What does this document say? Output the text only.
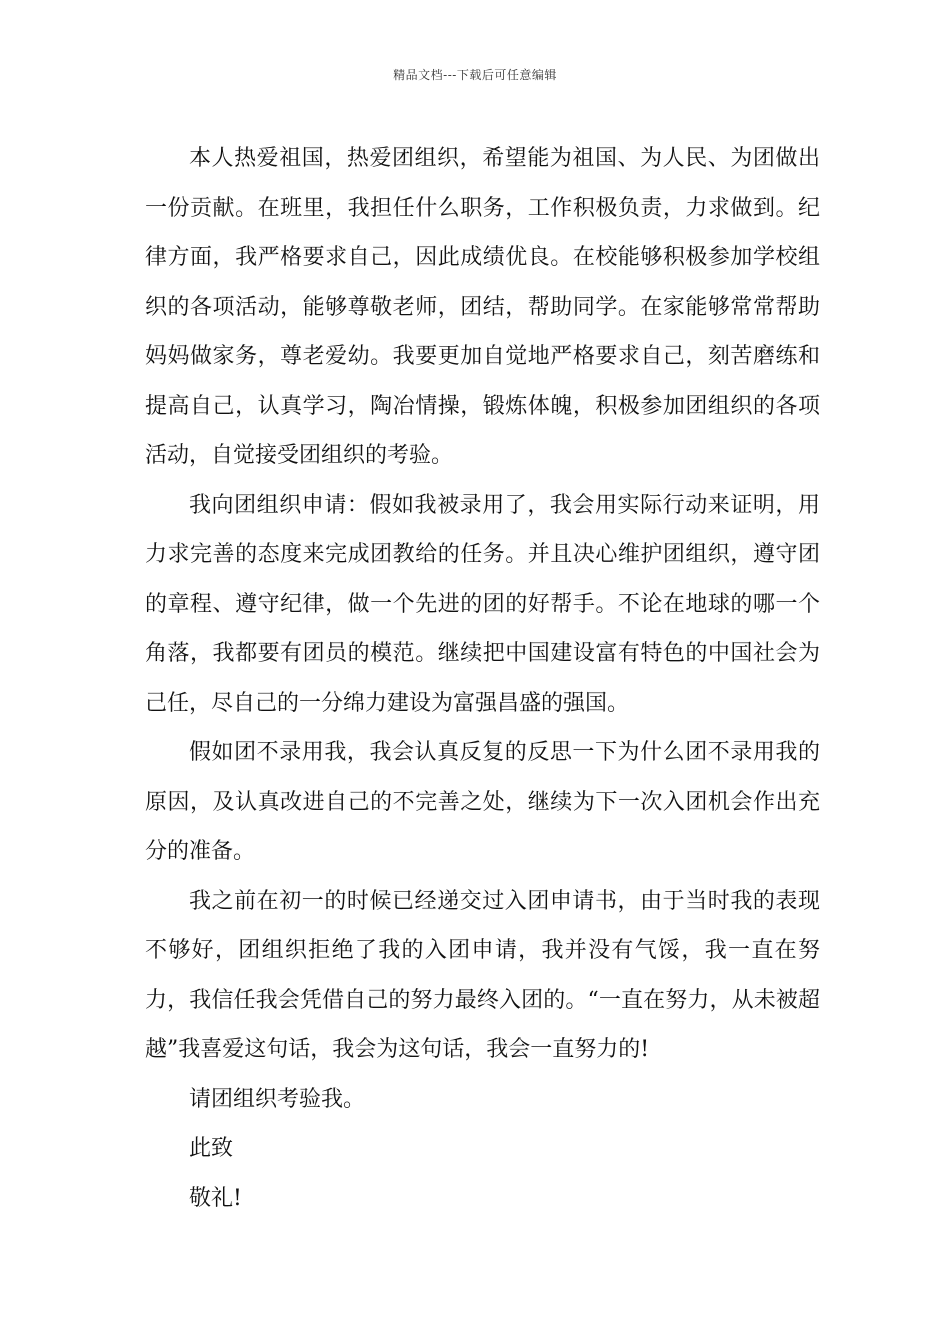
精品文档---下载后可任意编辑

本人热爱祖国，热爱团组织，希望能为祖国、为人民、为团做出一份贡献。在班里，我担任什么职务，工作积极负责，力求做到。纪律方面，我严格要求自己，因此成绩优良。在校能够积极参加学校组织的各项活动，能够尊敬老师，团结，帮助同学。在家能够常常帮助妈妈做家务，尊老爱幼。我要更加自觉地严格要求自己，刻苦磨练和提高自己，认真学习，陶冶情操，锻炼体魄，积极参加团组织的各项活动，自觉接受团组织的考验。

我向团组织申请：假如我被录用了，我会用实际行动来证明，用力求完善的态度来完成团教给的任务。并且决心维护团组织，遵守团的章程、遵守纪律，做一个先进的团的好帮手。不论在地球的哪一个角落，我都要有团员的模范。继续把中国建设富有特色的中国社会为己任，尽自己的一分绵力建设为富强昌盛的强国。

假如团不录用我，我会认真反复的反思一下为什么团不录用我的原因，及认真改进自己的不完善之处，继续为下一次入团机会作出充分的准备。

我之前在初一的时候已经递交过入团申请书，由于当时我的表现不够好，团组织拒绝了我的入团申请，我并没有气馁，我一直在努力，我信任我会凭借自己的努力最终入团的。“一直在努力，从未被超越”我喜爱这句话，我会为这句话，我会一直努力的!

请团组织考验我。

此致

敬礼!
